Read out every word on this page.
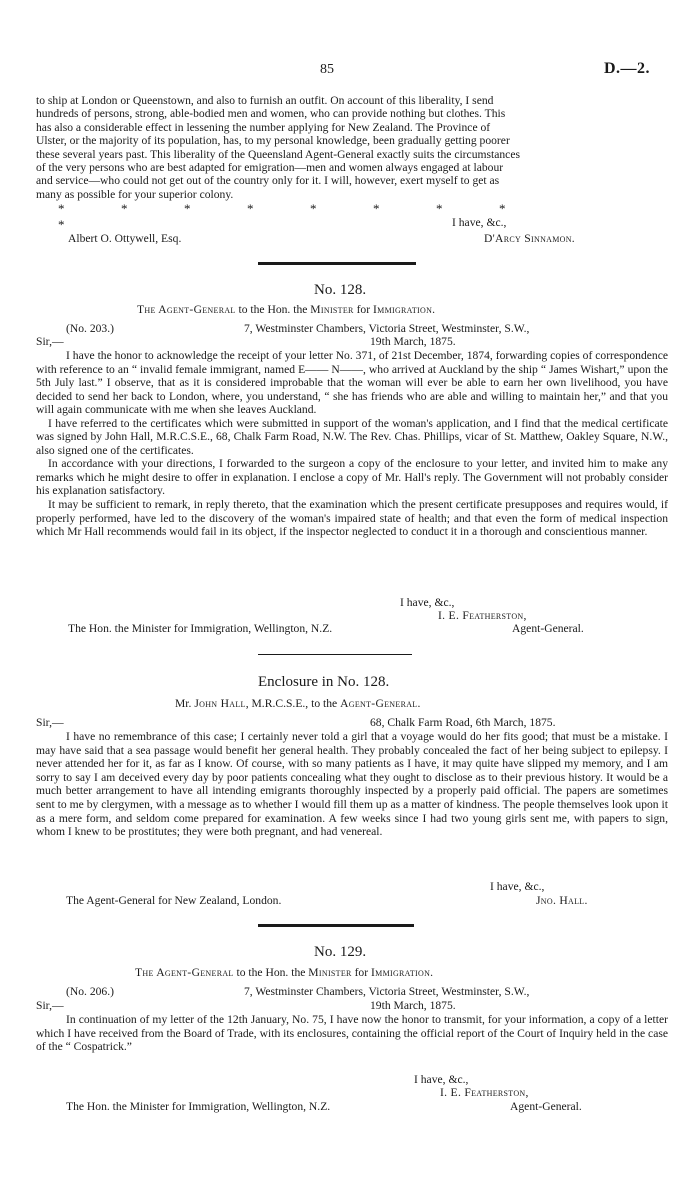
85	D.—2.

to ship at London or Queenstown, and also to furnish an outfit. On account of this liberality, I send

hundreds of persons, strong, able-bodied men and women, who can provide nothing but clothes. This

has also a considerable effect in lessening the number applying for New Zealand. The Province of

Ulster, or the majority of its population, has, to my personal knowledge, been gradually getting poorer

these several years past. This liberality of the Queensland Agent-General exactly suits the circumstances

of the very persons who are best adapted for emigration—men and women always engaged at labour

and service—who could not get out of the country only for it. I will, however, exert myself to get as

many as possible for your superior colony.

*	*	*	*	*	*	*	**	I have, &c.,
Albert O. Ottywell, Esq.	D'Arcy Sinnamon.
No. 128.
The Agent-General to the Hon. the Minister for Immigration.
(No. 203.)	7, Westminster Chambers, Victoria Street, Westminster, S.W.,
Sir,—	19th March, 1875.

I have the honor to acknowledge the receipt of your letter No. 371, of 21st December, 1874, forwarding copies of correspondence with reference to an “ invalid female immigrant, named E—— N——, who arrived at Auckland by the ship “ James Wishart,” upon the 5th July last.” I observe, that as it is considered improbable that the woman will ever be able to earn her own livelihood, you have decided to send her back to London, where, you understand, “ she has friends who are able and willing to maintain her,” and that you will again communicate with me when she leaves Auckland.

I have referred to the certificates which were submitted in support of the woman's application, and I find that the medical certificate was signed by John Hall, M.R.C.S.E., 68, Chalk Farm Road, N.W. The Rev. Chas. Phillips, vicar of St. Matthew, Oakley Square, N.W., also signed one of the certificates.

In accordance with your directions, I forwarded to the surgeon a copy of the enclosure to your letter, and invited him to make any remarks which he might desire to offer in explanation. I enclose a copy of Mr. Hall's reply. The Government will not probably consider his explanation satisfactory.

It may be sufficient to remark, in reply thereto, that the examination which the present certificate presupposes and requires would, if properly performed, have led to the discovery of the woman's impaired state of health; and that even the form of medical inspection which Mr Hall recommends would fail in its object, if the inspector neglected to conduct it in a thorough and conscientious manner.

I have, &c.,
I. E. Featherston,
The Hon. the Minister for Immigration, Wellington, N.Z.	Agent-General.
Enclosure in No. 128.
Mr. John Hall, M.R.C.S.E., to the Agent-General.
Sir,—	68, Chalk Farm Road, 6th March, 1875.

I have no remembrance of this case; I certainly never told a girl that a voyage would do her fits good; that must be a mistake. I may have said that a sea passage would benefit her general health. They probably concealed the fact of her being subject to epilepsy. I never attended her for it, as far as I know. Of course, with so many patients as I have, it may quite have slipped my memory, and I am sorry to say I am deceived every day by poor patients concealing what they ought to disclose as to their previous history. It would be a much better arrangement to have all intending emigrants thoroughly inspected by a properly paid official. The papers are sometimes sent to me by clergymen, with a message as to whether I would fill them up as a matter of kindness. The people themselves look upon it as a mere form, and seldom come prepared for examination. A few weeks since I had two young girls sent me, with papers to sign, whom I knew to be prostitutes; they were both pregnant, and had venereal.

I have, &c.,
The Agent-General for New Zealand, London.	Jno. Hall.
No. 129.
The Agent-General to the Hon. the Minister for Immigration.
(No. 206.)	7, Westminster Chambers, Victoria Street, Westminster, S.W.,
Sir,—	19th March, 1875.

In continuation of my letter of the 12th January, No. 75, I have now the honor to transmit, for your information, a copy of a letter which I have received from the Board of Trade, with its enclosures, containing the official report of the Court of Inquiry held in the case of the “ Cospatrick.”

I have, &c.,
I. E. Featherston,
The Hon. the Minister for Immigration, Wellington, N.Z.	Agent-General.
